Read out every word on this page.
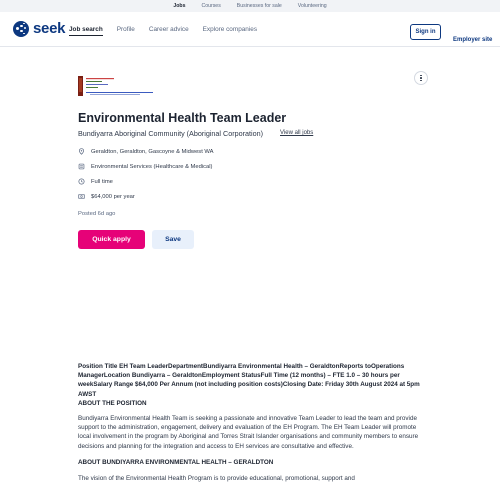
Jobs	Courses	Businesses for sale	Volunteering
seek Job search Profile Career advice Explore companies	Sign in
Employer site
Environmental Health Team Leader
Bundiyarra Aboriginal Community (Aboriginal Corporation)	View all jobs
Geraldton, Geraldton, Gascoyne & Midwest WA
Environmental Services (Healthcare & Medical)
Full time
$64,000 per year
Posted 6d ago
Quick apply	Save

Position Title EH Team LeaderDepartmentBundiyarra Environmental Health – GeraldtonReports toOperations ManagerLocation Bundiyarra – GeraldtonEmployment StatusFull Time (12 months) – FTE 1.0 – 30 hours per weekSalary Range $64,000 Per Annum (not including position costs)Closing Date: Friday 30th August 2024 at 5pm AWST

ABOUT THE POSITION

Bundiyarra Environmental Health Team is seeking a passionate and innovative Team Leader to lead the team and provide support to the administration, engagement, delivery and evaluation of the EH Program. The EH Team Leader will promote local involvement in the program by Aboriginal and Torres Strait Islander organisations and community members to ensure decisions and planning for the integration and access to EH services are consultative and effective.

ABOUT BUNDIYARRA ENVIRONMENTAL HEALTH – GERALDTON

The vision of the Environmental Health Program is to provide educational, promotional, support and
